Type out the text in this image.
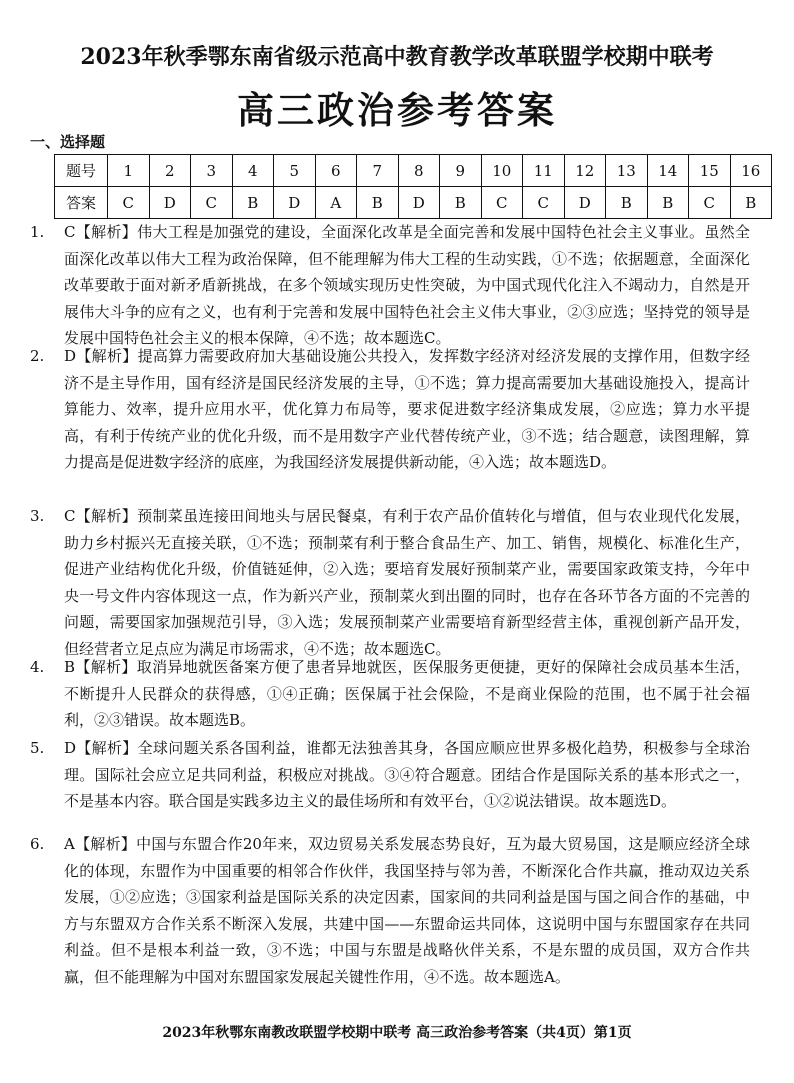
2023年秋季鄂东南省级示范高中教育教学改革联盟学校期中联考
高三政治参考答案
一、选择题
题号	1	2	3	4	5	6	7	8	9	10	11	12	13	14	15	16
答案	C	D	C	B	D	A	B	D	B	C	C	D	B	B	C	B
1.	C【解析】伟大工程是加强党的建设，全面深化改革是全面完善和发展中国特色社会主义事业。虽然全面深化改革以伟大工程为政治保障，但不能理解为伟大工程的生动实践，①不选；依据题意，全面深化改革要敢于面对新矛盾新挑战，在多个领域实现历史性突破，为中国式现代化注入不竭动力，自然是开展伟大斗争的应有之义，也有利于完善和发展中国特色社会主义伟大事业，②③应选；坚持党的领导是发展中国特色社会主义的根本保障，④不选；故本题选C。
2.	D【解析】提高算力需要政府加大基础设施公共投入，发挥数字经济对经济发展的支撑作用，但数字经济不是主导作用，国有经济是国民经济发展的主导，①不选；算力提高需要加大基础设施投入，提高计算能力、效率，提升应用水平，优化算力布局等，要求促进数字经济集成发展，②应选；算力水平提高，有利于传统产业的优化升级，而不是用数字产业代替传统产业，③不选；结合题意，读图理解，算力提高是促进数字经济的底座，为我国经济发展提供新动能，④入选；故本题选D。
3.	C【解析】预制菜虽连接田间地头与居民餐桌，有利于农产品价值转化与增值，但与农业现代化发展，助力乡村振兴无直接关联，①不选；预制菜有利于整合食品生产、加工、销售，规模化、标准化生产，促进产业结构优化升级，价值链延伸，②入选；要培育发展好预制菜产业，需要国家政策支持，今年中央一号文件内容体现这一点，作为新兴产业，预制菜火到出圈的同时，也存在各环节各方面的不完善的问题，需要国家加强规范引导，③入选；发展预制菜产业需要培育新型经营主体，重视创新产品开发，但经营者立足点应为满足市场需求，④不选；故本题选C。
4.	B【解析】取消异地就医备案方便了患者异地就医，医保服务更便捷，更好的保障社会成员基本生活，不断提升人民群众的获得感，①④正确；医保属于社会保险，不是商业保险的范围，也不属于社会福利，②③错误。故本题选B。
5.	D【解析】全球问题关系各国利益，谁都无法独善其身，各国应顺应世界多极化趋势，积极参与全球治理。国际社会应立足共同利益，积极应对挑战。③④符合题意。团结合作是国际关系的基本形式之一，不是基本内容。联合国是实践多边主义的最佳场所和有效平台，①②说法错误。故本题选D。
6.	A【解析】中国与东盟合作20年来，双边贸易关系发展态势良好，互为最大贸易国，这是顺应经济全球化的体现，东盟作为中国重要的相邻合作伙伴，我国坚持与邻为善，不断深化合作共赢，推动双边关系发展，①②应选；③国家利益是国际关系的决定因素，国家间的共同利益是国与国之间合作的基础，中方与东盟双方合作关系不断深入发展，共建中国——东盟命运共同体，这说明中国与东盟国家存在共同利益。但不是根本利益一致，③不选；中国与东盟是战略伙伴关系，不是东盟的成员国，双方合作共赢，但不能理解为中国对东盟国家发展起关键性作用，④不选。故本题选A。
2023年秋鄂东南教改联盟学校期中联考 高三政治参考答案（共4页）第1页
